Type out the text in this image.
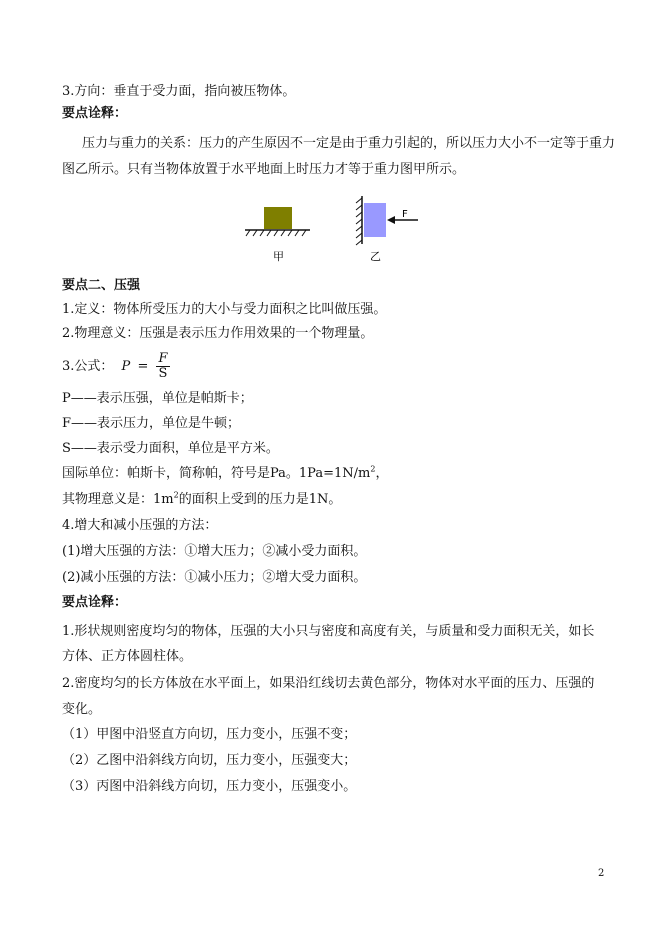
3.方向：垂直于受力面，指向被压物体。
要点诠释：
压力与重力的关系：压力的产生原因不一定是由于重力引起的，所以压力大小不一定等于重力
图乙所示。只有当物体放置于水平地面上时压力才等于重力图甲所示。
甲
F
乙
要点二、压强
1.定义：物体所受压力的大小与受力面积之比叫做压强。
2.物理意义：压强是表示压力作用效果的一个物理量。
3.公式： $P = \frac{F}{S}$
P——表示压强，单位是帕斯卡；
F——表示压力，单位是牛顿；
S——表示受力面积，单位是平方米。
国际单位：帕斯卡，简称帕，符号是Pa。$1Pa=1N/m^2$，
其物理意义是：$1m^2$的面积上受到的压力是1N。
4.增大和减小压强的方法：
(1)增大压强的方法：①增大压力；②减小受力面积。
(2)减小压强的方法：①减小压力；②增大受力面积。
要点诠释：
1.形状规则密度均匀的物体，压强的大小只与密度和高度有关，与质量和受力面积无关，如长
方体、正方体圆柱体。
2.密度均匀的长方体放在水平面上，如果沿红线切去黄色部分，物体对水平面的压力、压强的
变化。
（1）甲图中沿竖直方向切，压力变小，压强不变；
（2）乙图中沿斜线方向切，压力变小，压强变大；
（3）丙图中沿斜线方向切，压力变小，压强变小。
2
